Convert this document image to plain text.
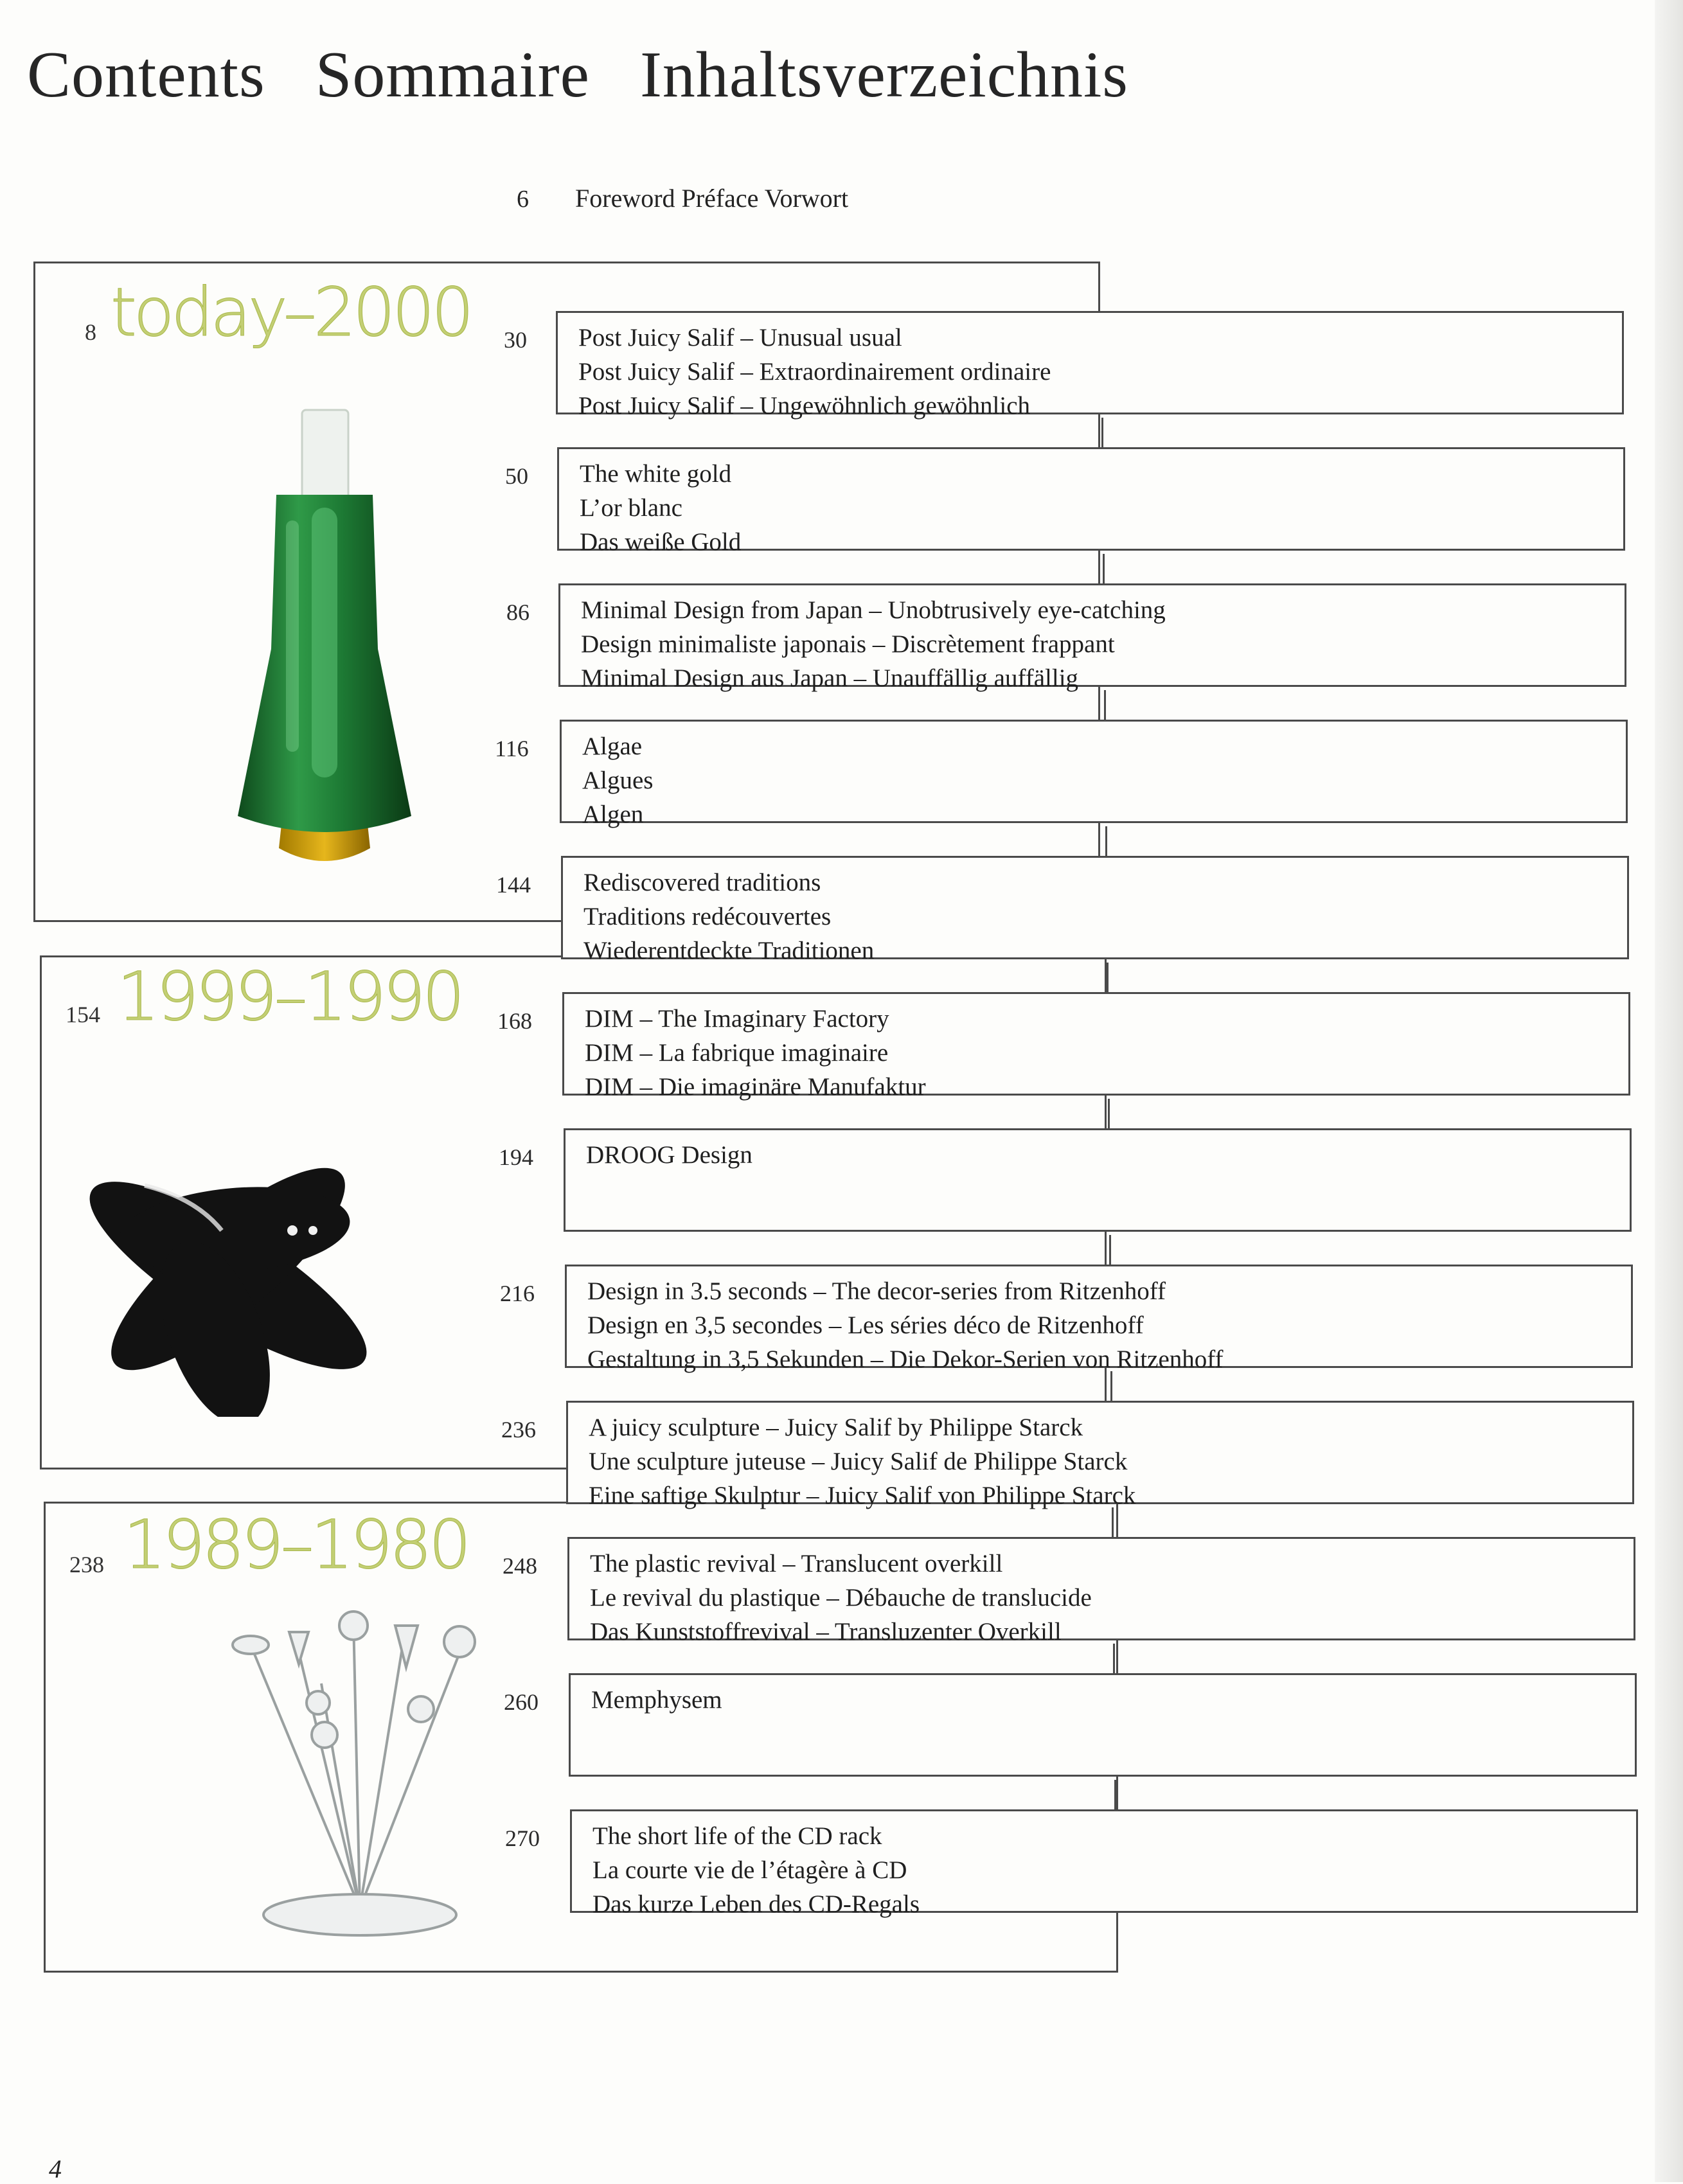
Contents Sommaire Inhaltsverzeichnis
6 Foreword Préface Vorwort
8 today–2000
154 1999–1990
238 1989–1980
30 Post Juicy Salif – Unusual usual
Post Juicy Salif – Extraordinairement ordinaire
Post Juicy Salif – Ungewöhnlich gewöhnlich
50 The white gold
L’or blanc
Das weiße Gold
86 Minimal Design from Japan – Unobtrusively eye-catching
Design minimaliste japonais – Discrètement frappant
Minimal Design aus Japan – Unauffällig auffällig
116 Algae
Algues
Algen
144 Rediscovered traditions
Traditions redécouvertes
Wiederentdeckte Traditionen
168 DIM – The Imaginary Factory
DIM – La fabrique imaginaire
DIM – Die imaginäre Manufaktur
194 DROOG Design
216 Design in 3.5 seconds – The decor-series from Ritzenhoff
Design en 3,5 secondes – Les séries déco de Ritzenhoff
Gestaltung in 3,5 Sekunden – Die Dekor-Serien von Ritzenhoff
236 A juicy sculpture – Juicy Salif by Philippe Starck
Une sculpture juteuse – Juicy Salif de Philippe Starck
Eine saftige Skulptur – Juicy Salif von Philippe Starck
248 The plastic revival – Translucent overkill
Le revival du plastique – Débauche de translucide
Das Kunststoffrevival – Transluzenter Overkill
260 Memphysem
270 The short life of the CD rack
La courte vie de l’étagère à CD
Das kurze Leben des CD-Regals
4
